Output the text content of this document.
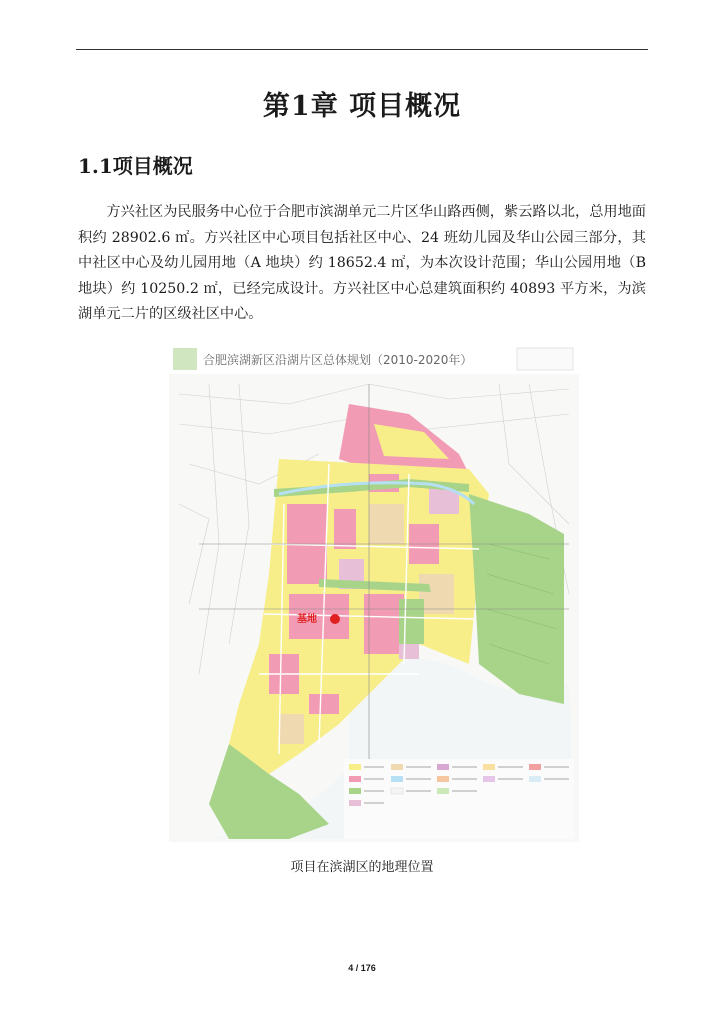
第1章 项目概况
1.1项目概况

方兴社区为民服务中心位于合肥市滨湖单元二片区华山路西侧，紫云路以北，总用地面积约 28902.6 ㎡。方兴社区中心项目包括社区中心、24 班幼儿园及华山公园三部分，其中社区中心及幼儿园用地（A 地块）约 18652.4 ㎡，为本次设计范围；华山公园用地（B 地块）约 10250.2 ㎡，已经完成设计。方兴社区中心总建筑面积约 40893 平方米，为滨湖单元二片的区级社区中心。

合肥滨湖新区沿湖片区总体规划（2010-2020年）
基地
项目在滨湖区的地理位置
4 / 176
